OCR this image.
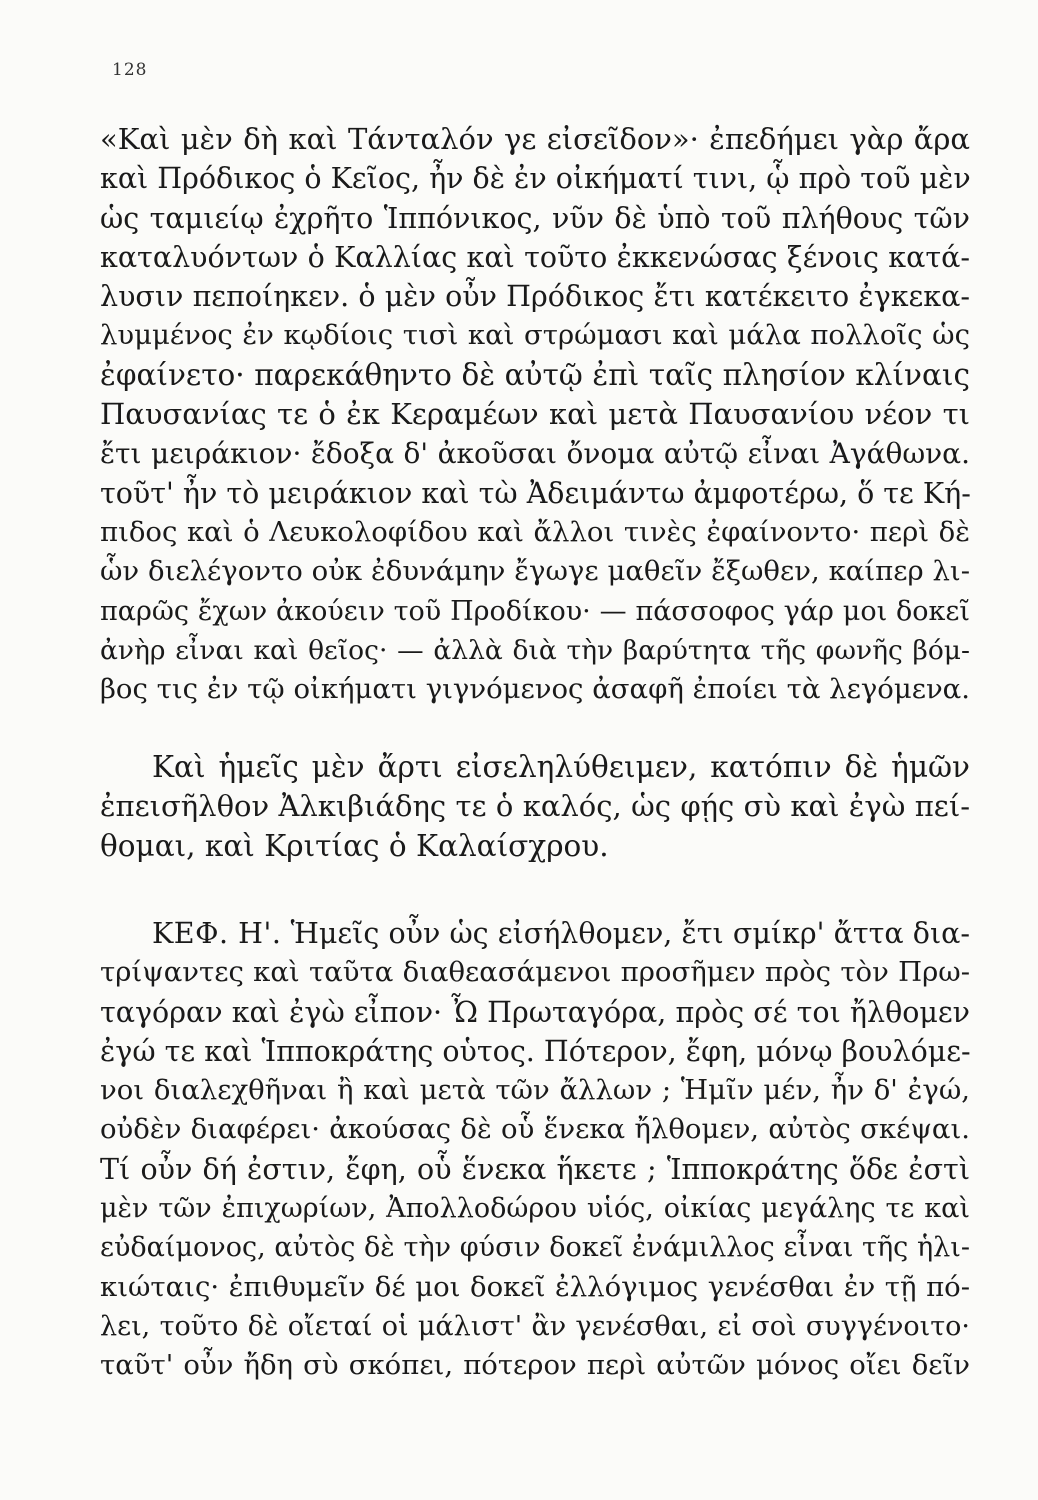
128
«Καὶ μὲν δὴ καὶ Τάνταλόν γε εἰσεῖδον»· ἐπεδήμει γὰρ ἄρα
καὶ Πρόδικος ὁ Κεῖος, ἦν δὲ ἐν οἰκήματί τινι, ᾧ πρὸ τοῦ μὲν
ὡς ταμιείῳ ἐχρῆτο Ἱππόνικος, νῦν δὲ ὑπὸ τοῦ πλήθους τῶν
καταλυόντων ὁ Καλλίας καὶ τοῦτο ἐκκενώσας ξένοις κατά-
λυσιν πεποίηκεν. ὁ μὲν οὖν Πρόδικος ἔτι κατέκειτο ἐγκεκα-
λυμμένος ἐν κῳδίοις τισὶ καὶ στρώμασι καὶ μάλα πολλοῖς ὡς
ἐφαίνετο· παρεκάθηντο δὲ αὐτῷ ἐπὶ ταῖς πλησίον κλίναις
Παυσανίας τε ὁ ἐκ Κεραμέων καὶ μετὰ Παυσανίου νέον τι
ἔτι μειράκιον· ἔδοξα δ' ἀκοῦσαι ὄνομα αὐτῷ εἶναι Ἀγάθωνα.
τοῦτ' ἦν τὸ μειράκιον καὶ τὼ Ἀδειμάντω ἀμφοτέρω, ὅ τε Κή-
πιδος καὶ ὁ Λευκολοφίδου καὶ ἄλλοι τινὲς ἐφαίνοντο· περὶ δὲ
ὧν διελέγοντο οὐκ ἐδυνάμην ἔγωγε μαθεῖν ἔξωθεν, καίπερ λι-
παρῶς ἔχων ἀκούειν τοῦ Προδίκου· — πάσσοφος γάρ μοι δοκεῖ
ἀνὴρ εἶναι καὶ θεῖος· — ἀλλὰ διὰ τὴν βαρύτητα τῆς φωνῆς βόμ-
βος τις ἐν τῷ οἰκήματι γιγνόμενος ἀσαφῆ ἐποίει τὰ λεγόμενα.
Καὶ ἡμεῖς μὲν ἄρτι εἰσεληλύθειμεν, κατόπιν δὲ ἡμῶν
ἐπεισῆλθον Ἀλκιβιάδης τε ὁ καλός, ὡς φῄς σὺ καὶ ἐγὼ πεί-
θομαι, καὶ Κριτίας ὁ Καλαίσχρου.
ΚΕΦ. Η'. Ἡμεῖς οὖν ὡς εἰσήλθομεν, ἔτι σμίκρ' ἄττα δια-
τρίψαντες καὶ ταῦτα διαθεασάμενοι προσῆμεν πρὸς τὸν Πρω-
ταγόραν καὶ ἐγὼ εἶπον· Ὦ Πρωταγόρα, πρὸς σέ τοι ἤλθομεν
ἐγώ τε καὶ Ἱπποκράτης οὑτος. Πότερον, ἔφη, μόνῳ βουλόμε-
νοι διαλεχθῆναι ἢ καὶ μετὰ τῶν ἄλλων ; Ἡμῖν μέν, ἦν δ' ἐγώ,
οὐδὲν διαφέρει· ἀκούσας δὲ οὗ ἕνεκα ἤλθομεν, αὐτὸς σκέψαι.
Τί οὖν δή ἐστιν, ἔφη, οὗ ἕνεκα ἥκετε ; Ἱπποκράτης ὅδε ἐστὶ
μὲν τῶν ἐπιχωρίων, Ἀπολλοδώρου υἱός, οἰκίας μεγάλης τε καὶ
εὐδαίμονος, αὐτὸς δὲ τὴν φύσιν δοκεῖ ἐνάμιλλος εἶναι τῆς ἡλι-
κιώταις· ἐπιθυμεῖν δέ μοι δοκεῖ ἐλλόγιμος γενέσθαι ἐν τῇ πό-
λει, τοῦτο δὲ οἴεταί οἱ μάλιστ' ἂν γενέσθαι, εἰ σοὶ συγγένοιτο·
ταῦτ' οὖν ἤδη σὺ σκόπει, πότερον περὶ αὐτῶν μόνος οἴει δεῖν
